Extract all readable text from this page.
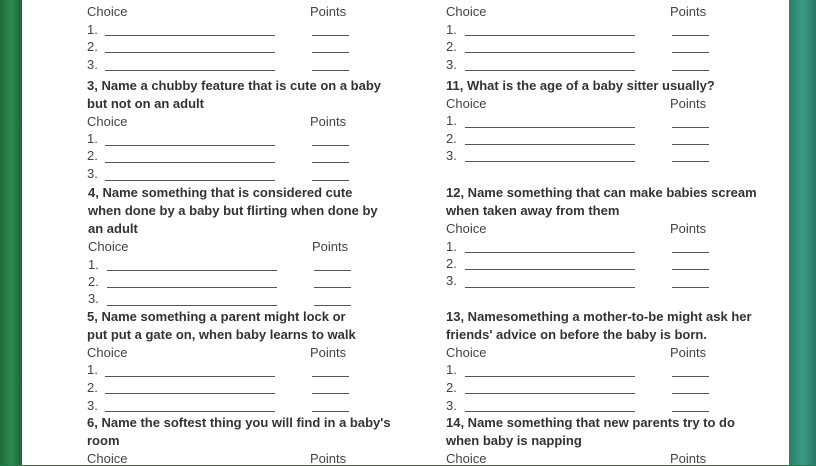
Choice	Points
1.
2.
3.
3, Name a chubby feature that is cute on a baby
but not on an adult
Choice	Points
1.
2.
3.
4, Name something that is considered cute
when done by a baby but flirting when done by
an adult
Choice	Points
1.
2.
3.
5, Name something a parent might lock or
put put a gate on, when baby learns to walk
Choice	Points
1.
2.
3.
6, Name the softest thing you will find in a baby's
room
Choice	Points
Choice	Points
1.
2.
3.
11, What is the age of a baby sitter usually?
Choice	Points
1.
2.
3.
12, Name something that can make babies scream
when taken away from them
Choice	Points
1.
2.
3.
13, Namesomething a mother-to-be might ask her
friends' advice on before the baby is born.
Choice	Points
1.
2.
3.
14, Name something that new parents try to do
when baby is napping
Choice	Points
